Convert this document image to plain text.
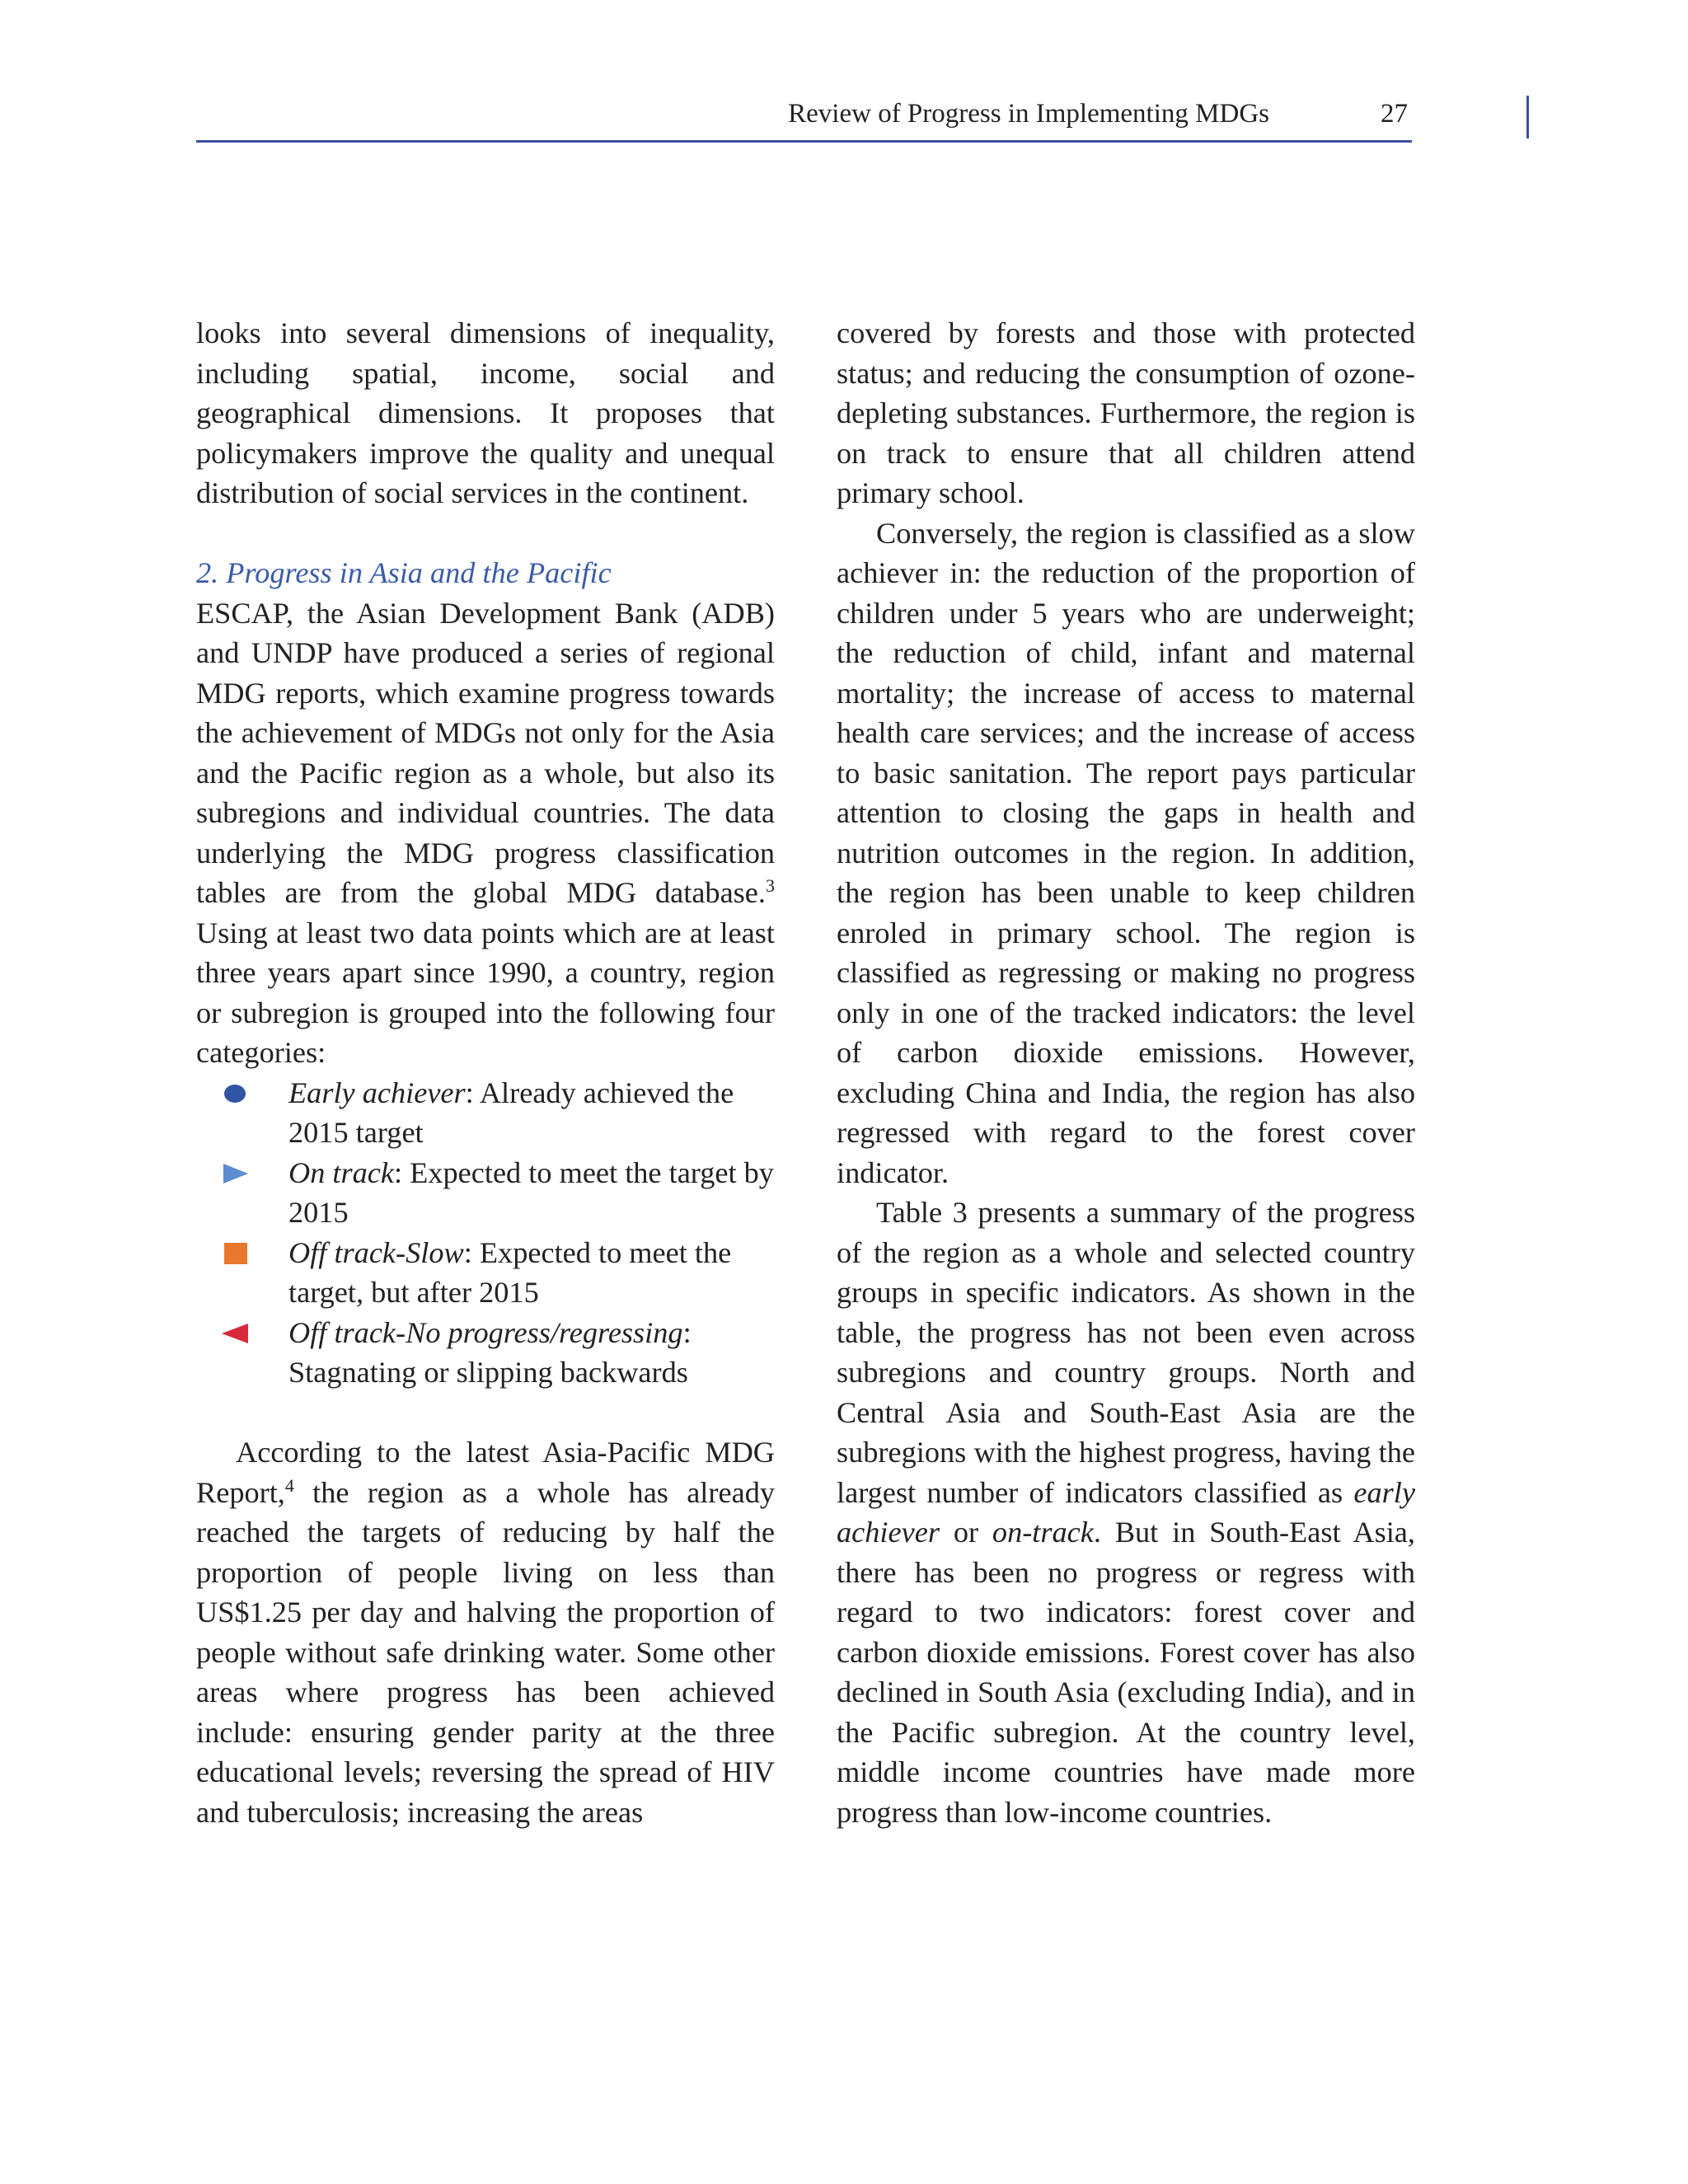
Review of Progress in Implementing MDGs	27

looks into several dimensions of inequality, including spatial, income, social and geographical dimensions. It proposes that policymakers improve the quality and unequal distribution of social services in the continent.

2. Progress in Asia and the Pacific

ESCAP, the Asian Development Bank (ADB) and UNDP have produced a series of regional MDG reports, which examine progress towards the achievement of MDGs not only for the Asia and the Pacific region as a whole, but also its subregions and individual countries. The data underlying the MDG progress classification tables are from the global MDG database.$^3$ Using at least two data points which are at least three years apart since 1990, a country, region or subregion is grouped into the following four categories:

Early achiever: Already achieved the 2015 target
On track: Expected to meet the target by 2015
Off track-Slow: Expected to meet the target, but after 2015
Off track-No progress/regressing: Stagnating or slipping backwards

According to the latest Asia-Pacific MDG Report,$^4$ the region as a whole has already reached the targets of reducing by half the proportion of people living on less than US$1.25 per day and halving the proportion of people without safe drinking water. Some other areas where progress has been achieved include: ensuring gender parity at the three educational levels; reversing the spread of HIV and tuberculosis; increasing the areas

covered by forests and those with protected status; and reducing the consumption of ozone-depleting substances. Furthermore, the region is on track to ensure that all children attend primary school.

Conversely, the region is classified as a slow achiever in: the reduction of the proportion of children under 5 years who are underweight; the reduction of child, infant and maternal mortality; the increase of access to maternal health care services; and the increase of access to basic sanitation. The report pays particular attention to closing the gaps in health and nutrition outcomes in the region. In addition, the region has been unable to keep children enroled in primary school. The region is classified as regressing or making no progress only in one of the tracked indicators: the level of carbon dioxide emissions. However, excluding China and India, the region has also regressed with regard to the forest cover indicator.

Table 3 presents a summary of the progress of the region as a whole and selected country groups in specific indicators. As shown in the table, the progress has not been even across subregions and country groups. North and Central Asia and South-East Asia are the subregions with the highest progress, having the largest number of indicators classified as early achiever or on-track. But in South-East Asia, there has been no progress or regress with regard to two indicators: forest cover and carbon dioxide emissions. Forest cover has also declined in South Asia (excluding India), and in the Pacific subregion. At the country level, middle income countries have made more progress than low-income countries.
